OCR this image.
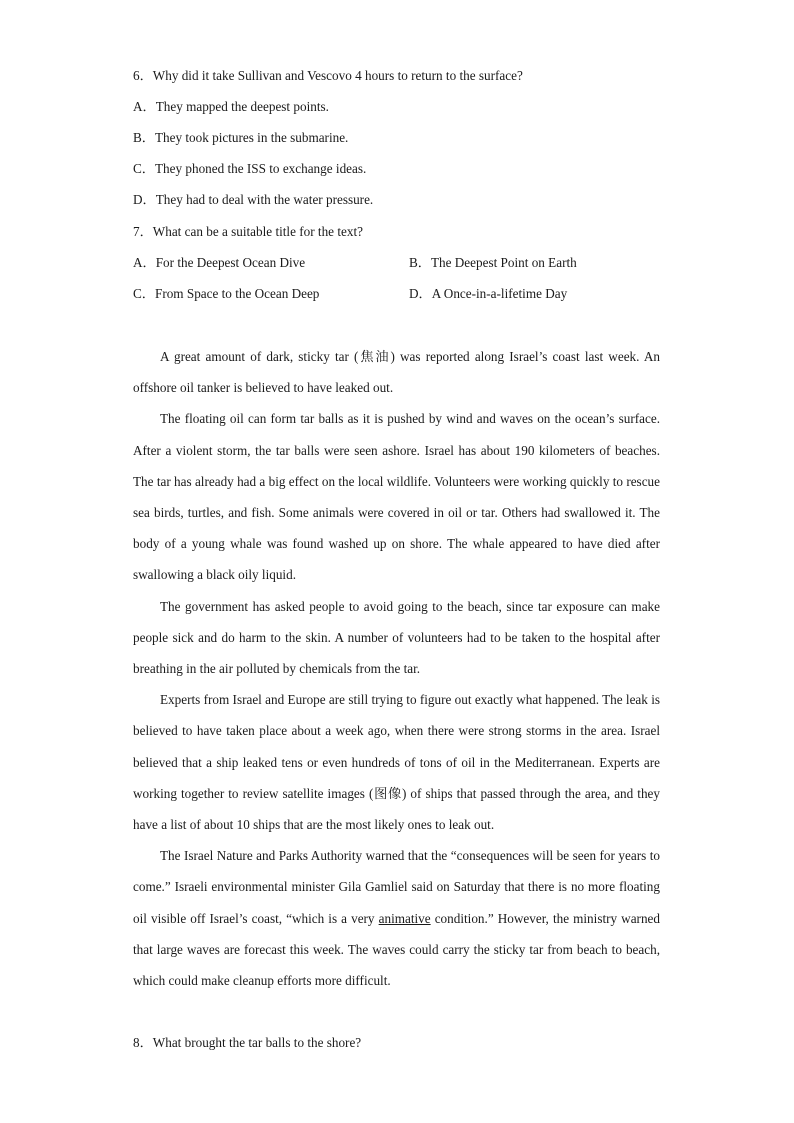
6．Why did it take Sullivan and Vescovo 4 hours to return to the surface?
A．They mapped the deepest points.
B．They took pictures in the submarine.
C．They phoned the ISS to exchange ideas.
D．They had to deal with the water pressure.
7．What can be a suitable title for the text?
A．For the Deepest Ocean Dive	B．The Deepest Point on Earth
C．From Space to the Ocean Deep	D．A Once-in-a-lifetime Day

A great amount of dark, sticky tar (焦油) was reported along Israel’s coast last week. An offshore oil tanker is believed to have leaked out.

The floating oil can form tar balls as it is pushed by wind and waves on the ocean’s surface. After a violent storm, the tar balls were seen ashore. Israel has about 190 kilometers of beaches. The tar has already had a big effect on the local wildlife. Volunteers were working quickly to rescue sea birds, turtles, and fish. Some animals were covered in oil or tar. Others had swallowed it. The body of a young whale was found washed up on shore. The whale appeared to have died after swallowing a black oily liquid.

The government has asked people to avoid going to the beach, since tar exposure can make people sick and do harm to the skin. A number of volunteers had to be taken to the hospital after breathing in the air polluted by chemicals from the tar.

Experts from Israel and Europe are still trying to figure out exactly what happened. The leak is believed to have taken place about a week ago, when there were strong storms in the area. Israel believed that a ship leaked tens or even hundreds of tons of oil in the Mediterranean. Experts are working together to review satellite images (图像) of ships that passed through the area, and they have a list of about 10 ships that are the most likely ones to leak out.

The Israel Nature and Parks Authority warned that the “consequences will be seen for years to come.” Israeli environmental minister Gila Gamliel said on Saturday that there is no more floating oil visible off Israel’s coast, “which is a very animative condition.” However, the ministry warned that large waves are forecast this week. The waves could carry the sticky tar from beach to beach, which could make cleanup efforts more difficult.

8．What brought the tar balls to the shore?
